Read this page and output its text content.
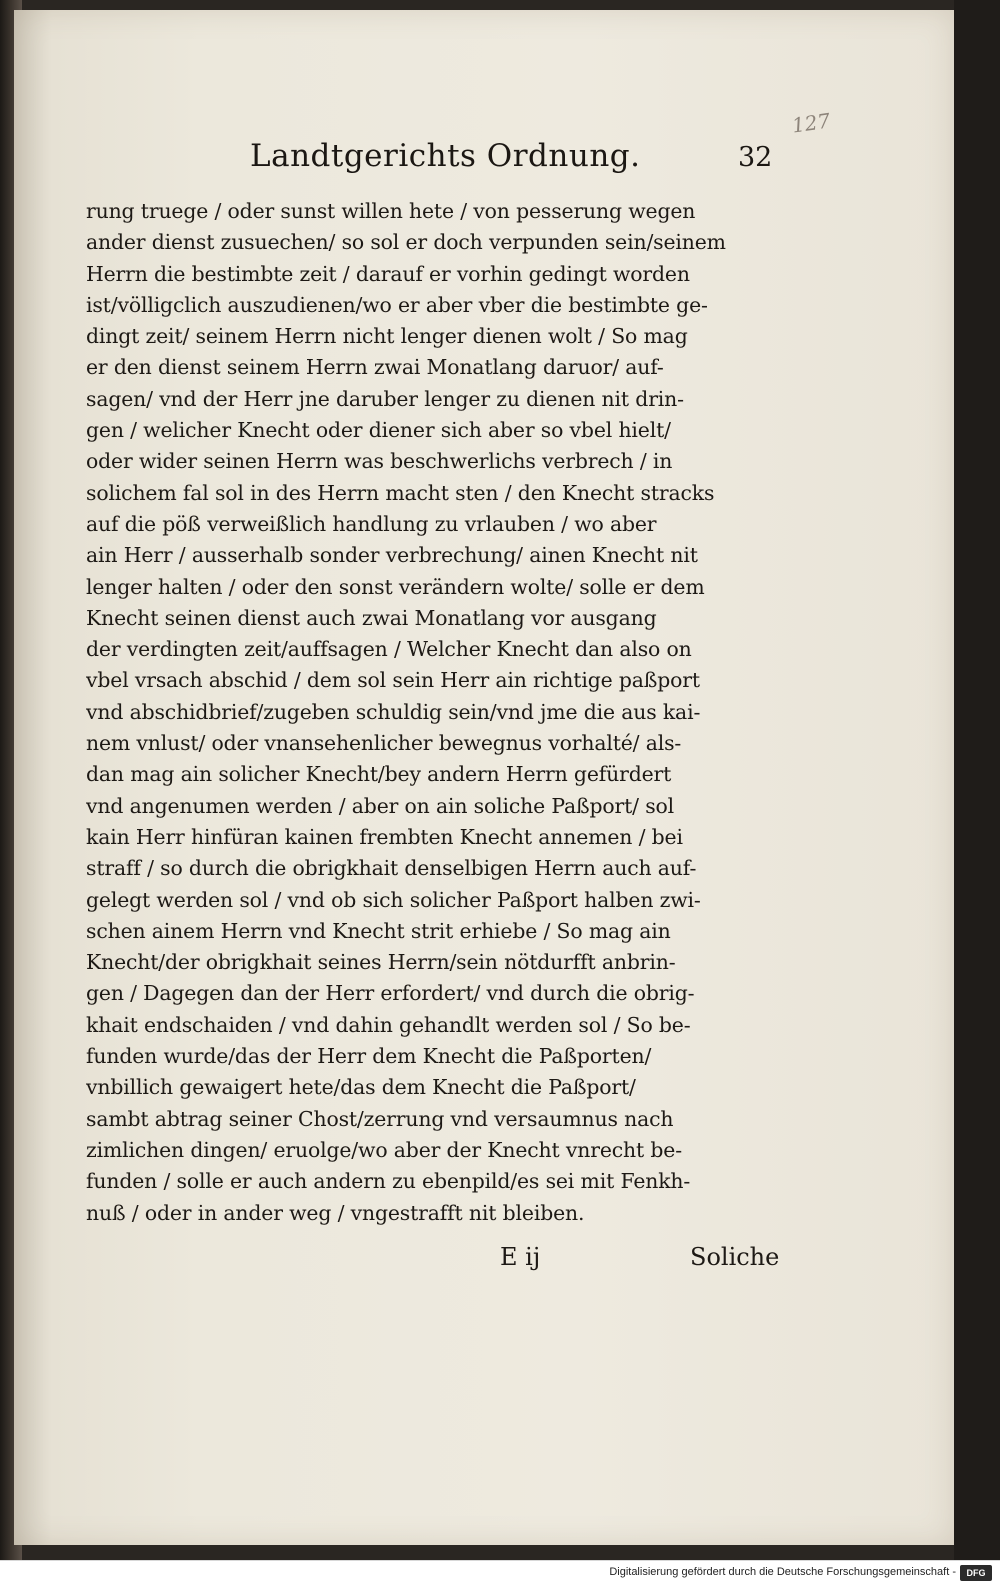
127
Landtgerichts Ordnung.	32
rung truege / oder sunst willen hete / von pesserung wegen
ander dienst zusuechen/ so sol er doch verpunden sein/seinem
Herrn die bestimbte zeit / darauf er vorhin gedingt worden
ist/völligclich auszudienen/wo er aber vber die bestimbte ge-
dingt zeit/ seinem Herrn nicht lenger dienen wolt / So mag
er den dienst seinem Herrn zwai Monatlang daruor/ auf-
sagen/ vnd der Herr jne daruber lenger zu dienen nit drin-
gen / welicher Knecht oder diener sich aber so vbel hielt/
oder wider seinen Herrn was beschwerlichs verbrech / in
solichem fal sol in des Herrn macht sten / den Knecht stracks
auf die pöß verweißlich handlung zu vrlauben / wo aber
ain Herr / ausserhalb sonder verbrechung/ ainen Knecht nit
lenger halten / oder den sonst verändern wolte/ solle er dem
Knecht seinen dienst auch zwai Monatlang vor ausgang
der verdingten zeit/auffsagen / Welcher Knecht dan also on
vbel vrsach abschid / dem sol sein Herr ain richtige paßport
vnd abschidbrief/zugeben schuldig sein/vnd jme die aus kai-
nem vnlust/ oder vnansehenlicher bewegnus vorhalté/ als-
dan mag ain solicher Knecht/bey andern Herrn gefürdert
vnd angenumen werden / aber on ain soliche Paßport/ sol
kain Herr hinfüran kainen frembten Knecht annemen / bei
straff / so durch die obrigkhait denselbigen Herrn auch auf-
gelegt werden sol / vnd ob sich solicher Paßport halben zwi-
schen ainem Herrn vnd Knecht strit erhiebe / So mag ain
Knecht/der obrigkhait seines Herrn/sein nötdurfft anbrin-
gen / Dagegen dan der Herr erfordert/ vnd durch die obrig-
khait endschaiden / vnd dahin gehandlt werden sol / So be-
funden wurde/das der Herr dem Knecht die Paßporten/
vnbillich gewaigert hete/das dem Knecht die Paßport/
sambt abtrag seiner Chost/zerrung vnd versaumnus nach
zimlichen dingen/ eruolge/wo aber der Knecht vnrecht be-
funden / solle er auch andern zu ebenpild/es sei mit Fenkh-
nuß / oder in ander weg / vngestrafft nit bleiben.
E ij	Soliche
Digitalisierung gefördert durch die Deutsche Forschungsgemeinschaft -	DFG
